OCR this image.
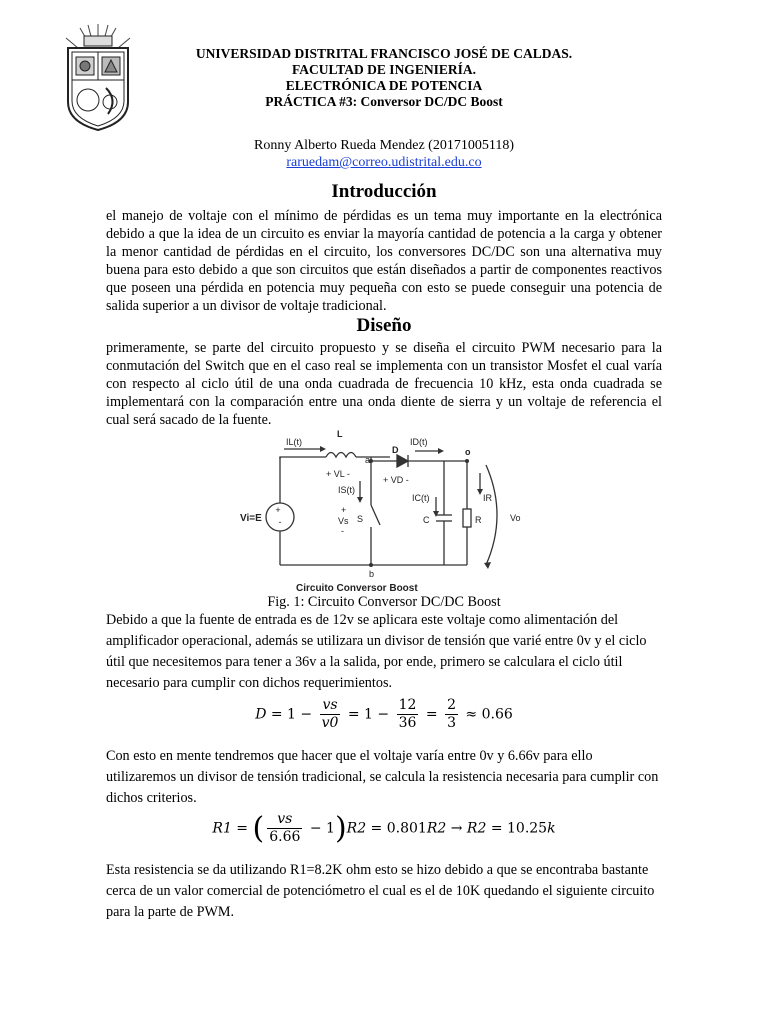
UNIVERSIDAD DISTRITAL FRANCISCO JOSÉ DE CALDAS.
FACULTAD DE INGENIERÍA.
ELECTRÓNICA DE POTENCIA
PRÁCTICA #3: Conversor DC/DC Boost
Ronny Alberto Rueda Mendez (20171005118)
raruedam@correo.udistrital.edu.co
Introducción
el manejo de voltaje con el mínimo de pérdidas es un tema muy importante en la electrónica debido a que la idea de un circuito es enviar la mayoría cantidad de potencia a la carga y obtener la menor cantidad de pérdidas en el circuito, los conversores DC/DC son una alternativa muy buena para esto debido a que son circuitos que están diseñados a partir de componentes reactivos que poseen una pérdida en potencia muy pequeña con esto se puede conseguir una potencia de salida superior a un divisor de voltaje tradicional.
Diseño
primeramente, se parte del circuito propuesto y se diseña el circuito PWM necesario para la conmutación del Switch que en el caso real se implementa con un transistor Mosfet el cual varía con respecto al ciclo útil de una onda cuadrada de frecuencia 10 kHz, esta onda cuadrada se implementará con la comparación entre una onda diente de sierra y un voltaje de referencia el cual será sacado de la fuente.
+
-
IL(t)
L
ID(t)
D
a
o
b
+ VL -
+ VD -
IS(t)
IC(t)	IR
+
Vs
-
S	C	R
Vi=E	Vo
Circuito Conversor Boost
Fig. 1: Circuito Conversor DC/DC Boost
Debido a que la fuente de entrada es de 12v se aplicara este voltaje como alimentación del amplificador operacional, además se utilizara un divisor de tensión que varié entre 0v y el ciclo útil que necesitemos para tener a 36v a la salida, por ende, primero se calculara el ciclo útil necesario para cumplir con dichos requerimientos.
$D = 1 - \frac{vs}{v0} = 1 - \frac{12}{36} = \frac{2}{3} \approx 0.66$
Con esto en mente tendremos que hacer que el voltaje varía entre 0v y 6.66v para ello utilizaremos un divisor de tensión tradicional, se calcula la resistencia necesaria para cumplir con dichos criterios.
R1 = ( $\frac{vs}{6.66} - 1)R2 = 0.801R2 \to R2 = 10.25k$
Esta resistencia se da utilizando R1=8.2K ohm esto se hizo debido a que se encontraba bastante cerca de un valor comercial de potenciómetro el cual es el de 10K quedando el siguiente circuito para la parte de PWM.
